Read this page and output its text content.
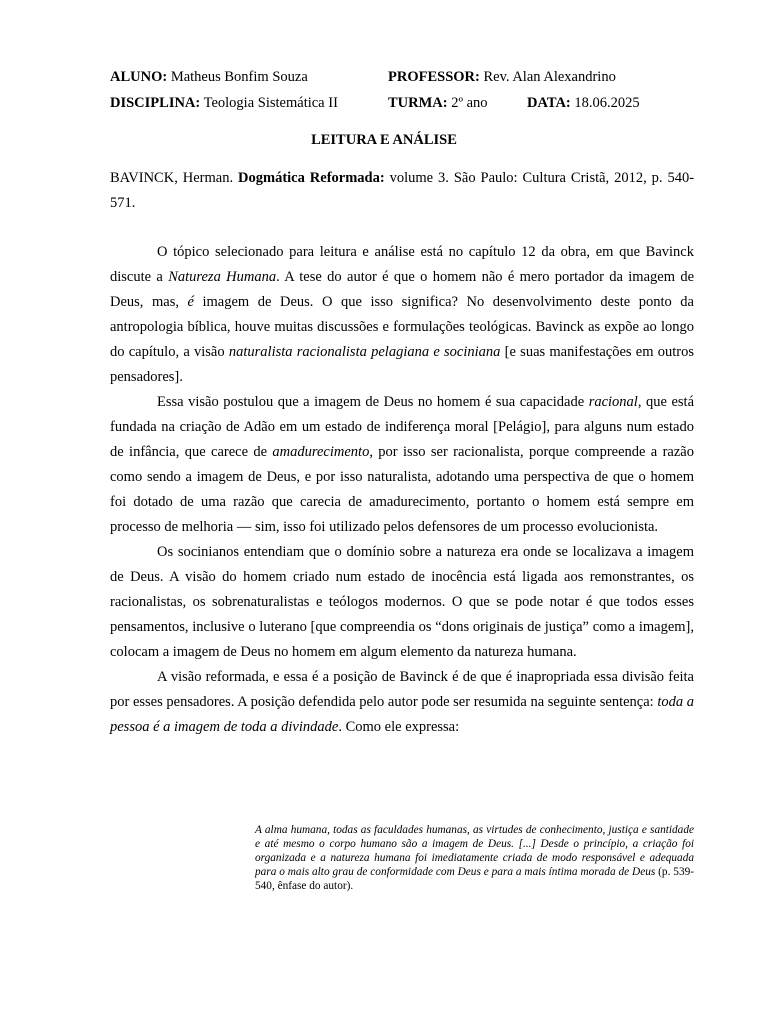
ALUNO: Matheus Bonfim Souza	PROFESSOR: Rev. Alan Alexandrino
DISCIPLINA: Teologia Sistemática II	TURMA: 2º ano	DATA: 18.06.2025
LEITURA E ANÁLISE
BAVINCK, Herman. Dogmática Reformada: volume 3. São Paulo: Cultura Cristã, 2012, p. 540-571.

O tópico selecionado para leitura e análise está no capítulo 12 da obra, em que Bavinck discute a Natureza Humana. A tese do autor é que o homem não é mero portador da imagem de Deus, mas, é imagem de Deus. O que isso significa? No desenvolvimento deste ponto da antropologia bíblica, houve muitas discussões e formulações teológicas. Bavinck as expõe ao longo do capítulo, a visão naturalista racionalista pelagiana e sociniana [e suas manifestações em outros pensadores].

Essa visão postulou que a imagem de Deus no homem é sua capacidade racional, que está fundada na criação de Adão em um estado de indiferença moral [Pelágio], para alguns num estado de infância, que carece de amadurecimento, por isso ser racionalista, porque compreende a razão como sendo a imagem de Deus, e por isso naturalista, adotando uma perspectiva de que o homem foi dotado de uma razão que carecia de amadurecimento, portanto o homem está sempre em processo de melhoria — sim, isso foi utilizado pelos defensores de um processo evolucionista.

Os socinianos entendiam que o domínio sobre a natureza era onde se localizava a imagem de Deus. A visão do homem criado num estado de inocência está ligada aos remonstrantes, os racionalistas, os sobrenaturalistas e teólogos modernos. O que se pode notar é que todos esses pensamentos, inclusive o luterano [que compreendia os “dons originais de justiça” como a imagem], colocam a imagem de Deus no homem em algum elemento da natureza humana.

A visão reformada, e essa é a posição de Bavinck é de que é inapropriada essa divisão feita por esses pensadores. A posição defendida pelo autor pode ser resumida na seguinte sentença: toda a pessoa é a imagem de toda a divindade. Como ele expressa:

A alma humana, todas as faculdades humanas, as virtudes de conhecimento, justiça e santidade e até mesmo o corpo humano são a imagem de Deus. [...] Desde o princípio, a criação foi organizada e a natureza humana foi imediatamente criada de modo responsável e adequada para o mais alto grau de conformidade com Deus e para a mais íntima morada de Deus (p. 539-540, ênfase do autor).
